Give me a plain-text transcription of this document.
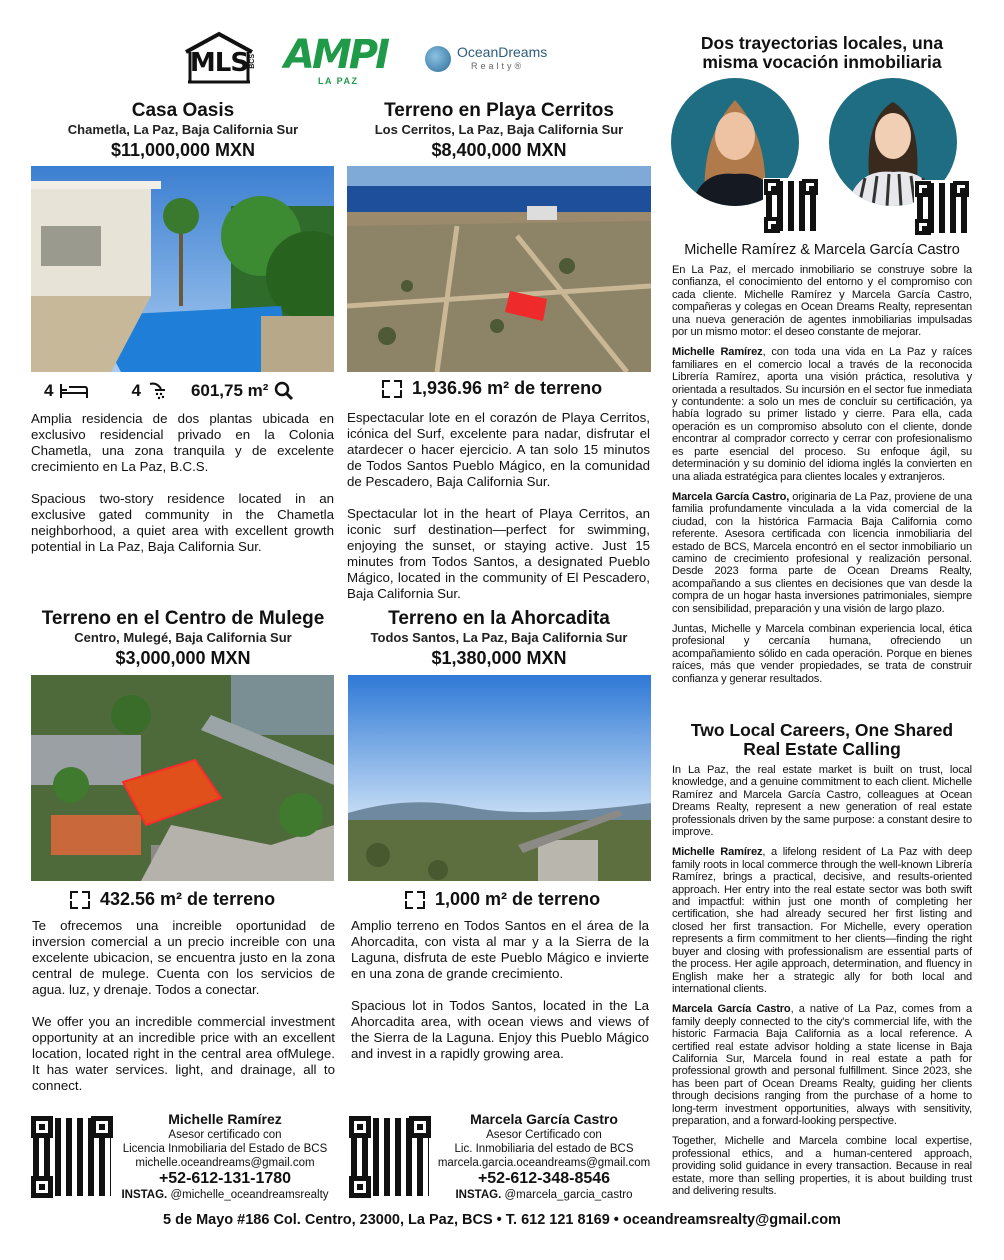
MLS BCS AMPI
LA PAZ
OceanDreams
Realty®
Casa Oasis
Chametla, La Paz, Baja California Sur
$11,000,000 MXN
4	4	601,75 m²

Amplia residencia de dos plantas ubicada en exclusivo residencial privado en la Colonia Chametla, una zona tranquila y de excelente crecimiento en La Paz, B.C.S.

Spacious two-story residence located in an exclusive gated community in the Chametla neighborhood, a quiet area with excellent growth potential in La Paz, Baja California Sur.

Terreno en Playa Cerritos
Los Cerritos, La Paz, Baja California Sur
$8,400,000 MXN
1,936.96 m² de terreno

Espectacular lote en el corazón de Playa Cerritos, icónica del Surf, excelente para nadar, disfrutar el atardecer o hacer ejercicio. A tan solo 15 minutos de Todos Santos Pueblo Mágico, en la comunidad de Pescadero, Baja California Sur.

Spectacular lot in the heart of Playa Cerritos, an iconic surf destination—perfect for swimming, enjoying the sunset, or staying active. Just 15 minutes from Todos Santos, a designated Pueblo Mágico, located in the community of El Pescadero, Baja California Sur.

Terreno en el Centro de Mulege
Centro, Mulegé, Baja California Sur
$3,000,000 MXN
432.56 m² de terreno

Te ofrecemos una increible oportunidad de inversion comercial a un precio increible con una excelente ubicacion, se encuentra justo en la zona central de mulege. Cuenta con los servicios de agua. luz, y drenaje. Todos a conectar.

We offer you an incredible commercial investment opportunity at an incredible price with an excellent location, located right in the central area ofMulege. It has water services. light, and drainage, all to connect.

Terreno en la Ahorcadita
Todos Santos, La Paz, Baja California Sur
$1,380,000 MXN
1,000 m² de terreno

Amplio terreno en Todos Santos en el área de la Ahorcadita, con vista al mar y a la Sierra de la Laguna, disfruta de este Pueblo Mágico e invierte en una zona de grande crecimiento.

Spacious lot in Todos Santos, located in the La Ahorcadita area, with ocean views and views of the Sierra de la Laguna. Enjoy this Pueblo Mágico and invest in a rapidly growing area.

Michelle Ramírez
Asesor certificado con
Licencia Inmobiliaria del Estado de BCS
michelle.oceandreams@gmail.com
+52-612-131-1780
INSTAG. @michelle_oceandreamsrealty
Marcela García Castro
Asesor Certificado con
Lic. Inmobiliaria del estado de BCS
marcela.garcia.oceandreams@gmail.com
+52-612-348-8546
INSTAG. @marcela_garcia_castro
Dos trayectorias locales, una misma vocación inmobiliaria
Michelle Ramírez & Marcela García Castro

En La Paz, el mercado inmobiliario se construye sobre la confianza, el conocimiento del entorno y el compromiso con cada cliente. Michelle Ramírez y Marcela García Castro, compañeras y colegas en Ocean Dreams Realty, representan una nueva generación de agentes inmobiliarias impulsadas por un mismo motor: el deseo constante de mejorar.

Michelle Ramírez, con toda una vida en La Paz y raíces familiares en el comercio local a través de la reconocida Librería Ramírez, aporta una visión práctica, resolutiva y orientada a resultados. Su incursión en el sector fue inmediata y contundente: a solo un mes de concluir su certificación, ya había logrado su primer listado y cierre. Para ella, cada operación es un compromiso absoluto con el cliente, donde encontrar al comprador correcto y cerrar con profesionalismo es parte esencial del proceso. Su enfoque ágil, su determinación y su dominio del idioma inglés la convierten en una aliada estratégica para clientes locales y extranjeros.

Marcela García Castro, originaria de La Paz, proviene de una familia profundamente vinculada a la vida comercial de la ciudad, con la histórica Farmacia Baja California como referente. Asesora certificada con licencia inmobiliaria del estado de BCS, Marcela encontró en el sector inmobiliario un camino de crecimiento profesional y realización personal. Desde 2023 forma parte de Ocean Dreams Realty, acompañando a sus clientes en decisiones que van desde la compra de un hogar hasta inversiones patrimoniales, siempre con sensibilidad, preparación y una visión de largo plazo.

Juntas, Michelle y Marcela combinan experiencia local, ética profesional y cercanía humana, ofreciendo un acompañamiento sólido en cada operación. Porque en bienes raíces, más que vender propiedades, se trata de construir confianza y generar resultados.

Two Local Careers, One Shared Real Estate Calling

In La Paz, the real estate market is built on trust, local knowledge, and a genuine commitment to each client. Michelle Ramírez and Marcela García Castro, colleagues at Ocean Dreams Realty, represent a new generation of real estate professionals driven by the same purpose: a constant desire to improve.

Michelle Ramírez, a lifelong resident of La Paz with deep family roots in local commerce through the well-known Librería Ramírez, brings a practical, decisive, and results-oriented approach. Her entry into the real estate sector was both swift and impactful: within just one month of completing her certification, she had already secured her first listing and closed her first transaction. For Michelle, every operation represents a firm commitment to her clients—finding the right buyer and closing with professionalism are essential parts of the process. Her agile approach, determination, and fluency in English make her a strategic ally for both local and international clients.

Marcela García Castro, a native of La Paz, comes from a family deeply connected to the city's commercial life, with the historic Farmacia Baja California as a local reference. A certified real estate advisor holding a state license in Baja California Sur, Marcela found in real estate a path for professional growth and personal fulfillment. Since 2023, she has been part of Ocean Dreams Realty, guiding her clients through decisions ranging from the purchase of a home to long-term investment opportunities, always with sensitivity, preparation, and a forward-looking perspective.

Together, Michelle and Marcela combine local expertise, professional ethics, and a human-centered approach, providing solid guidance in every transaction. Because in real estate, more than selling properties, it is about building trust and delivering results.

5 de Mayo #186 Col. Centro, 23000, La Paz, BCS • T. 612 121 8169 • oceandreamsrealty@gmail.com
